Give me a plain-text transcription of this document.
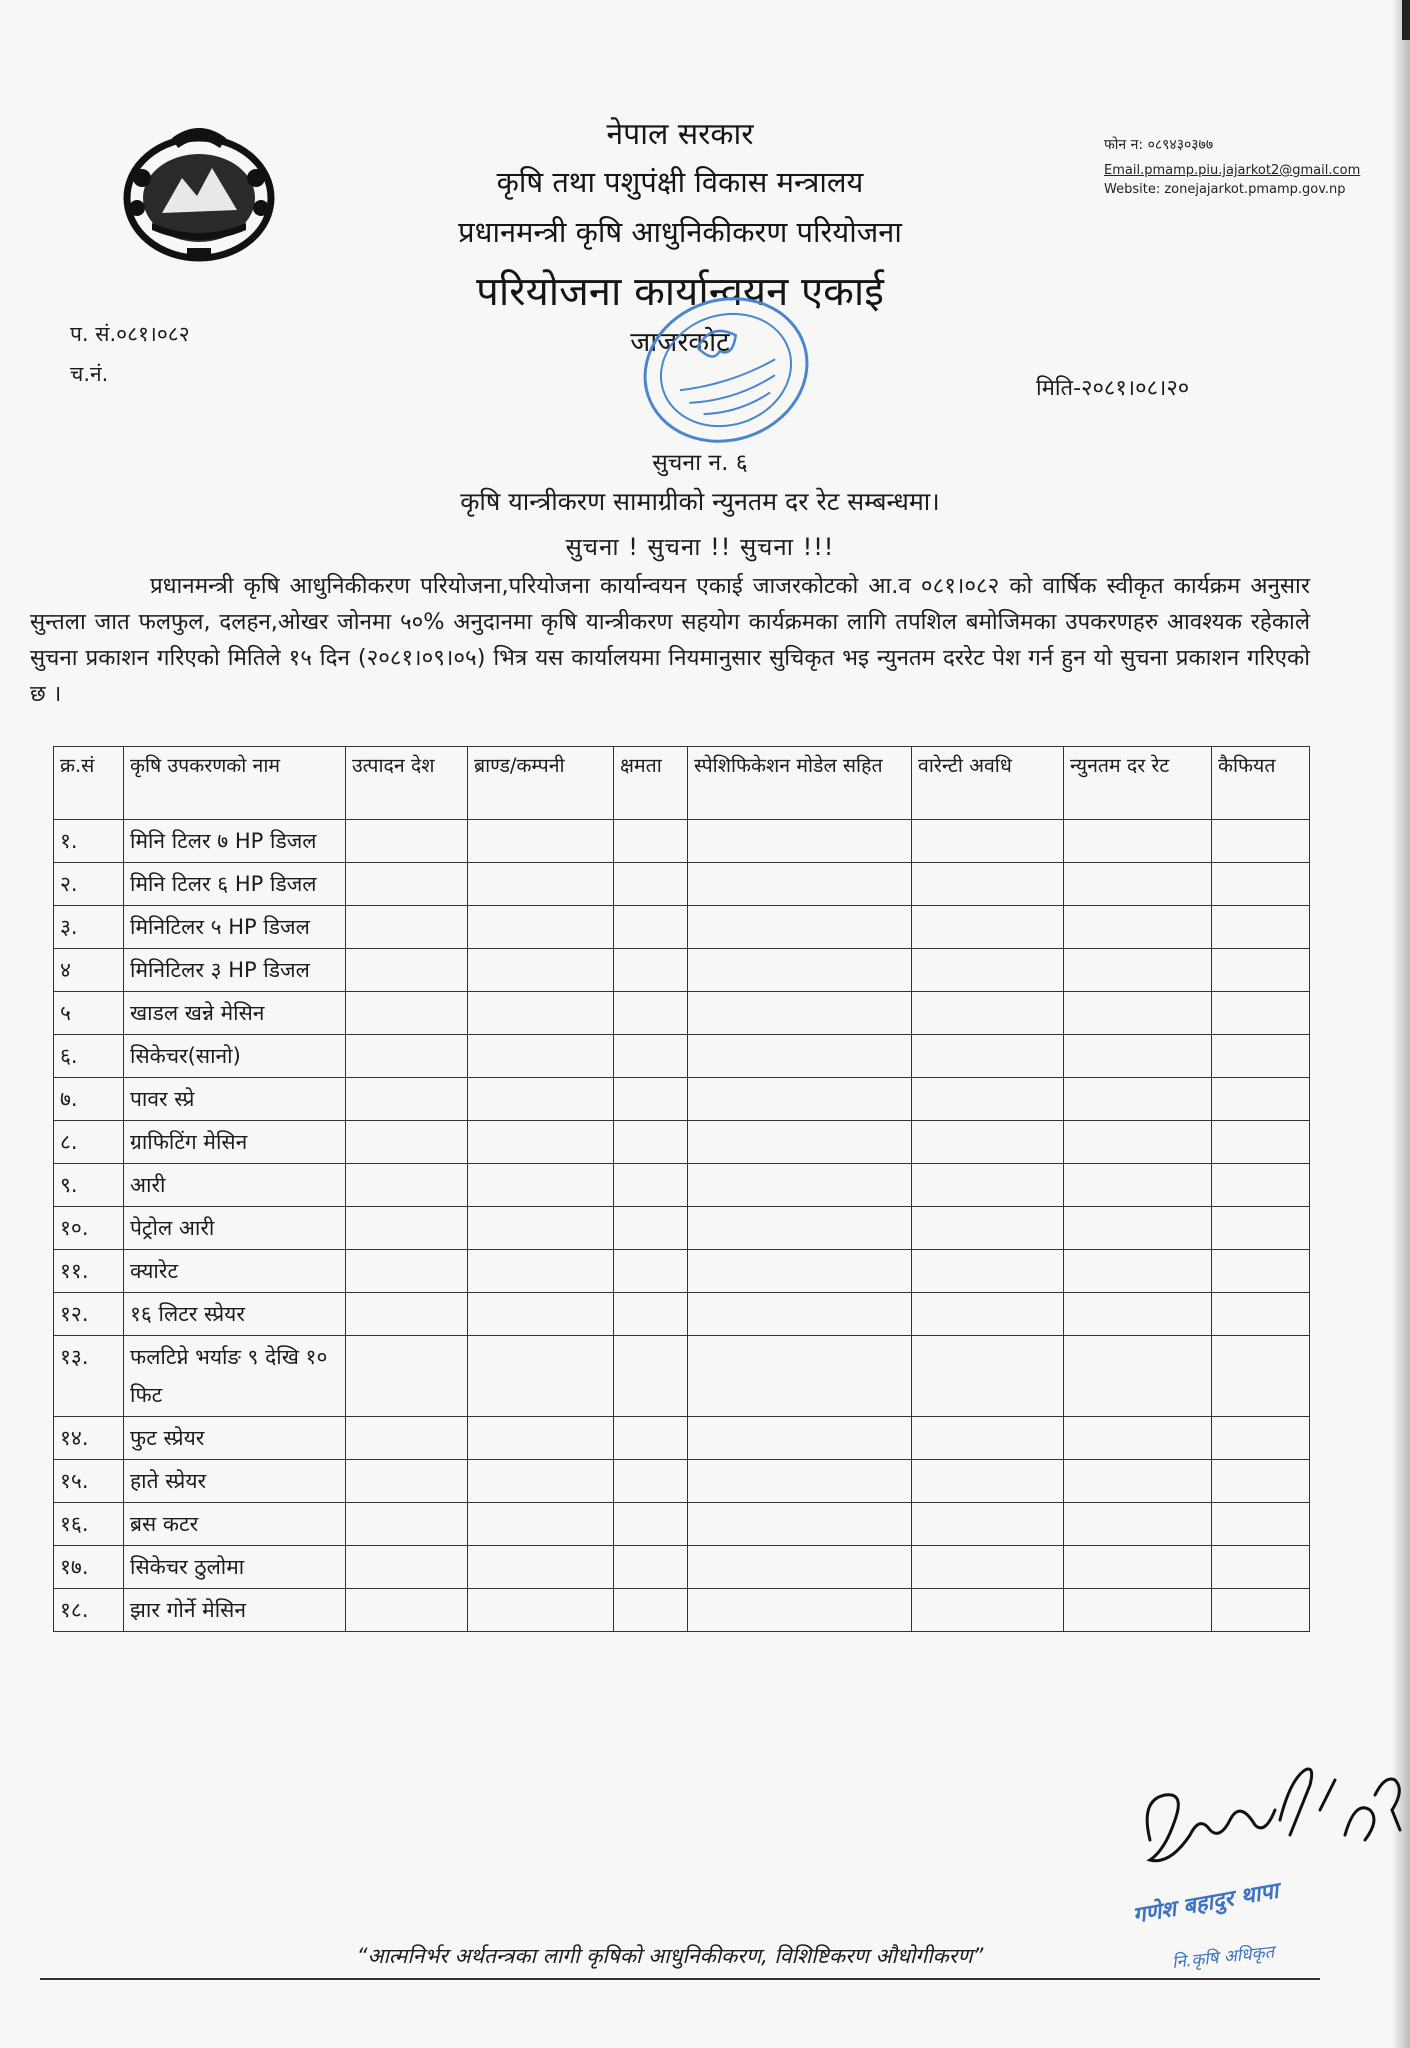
नेपाल सरकार
कृषि तथा पशुपंक्षी विकास मन्त्रालय
प्रधानमन्त्री कृषि आधुनिकीकरण परियोजना
परियोजना कार्यान्वयन एकाई
जाजरकोट
फोन न: ०८९४३०३७७
Email.pmamp.piu.jajarkot2@gmail.com
Website: zonejajarkot.pmamp.gov.np
प. सं.०८१।०८२
च.नं.
मिति-२०८१।०८।२०
सुचना न. ६
कृषि यान्त्रीकरण सामाग्रीको न्युनतम दर रेट सम्बन्धमा।
सुचना ! सुचना !! सुचना !!!

प्रधानमन्त्री कृषि आधुनिकीकरण परियोजना,परियोजना कार्यान्वयन एकाई जाजरकोटको आ.व ०८१।०८२ को वार्षिक स्वीकृत कार्यक्रम अनुसार सुन्तला जात फलफुल, दलहन,ओखर जोनमा ५०% अनुदानमा कृषि यान्त्रीकरण सहयोग कार्यक्रमका लागि तपशिल बमोजिमका उपकरणहरु आवश्यक रहेकाले सुचना प्रकाशन गरिएको मितिले १५ दिन (२०८१।०९।०५) भित्र यस कार्यालयमा नियमानुसार सुचिकृत भइ न्युनतम दररेट पेश गर्न हुन यो सुचना प्रकाशन गरिएको छ ।

क्र.सं	कृषि उपकरणको नाम	उत्पादन देश	ब्राण्ड/कम्पनी	क्षमता	स्पेशिफिकेशन मोडेल सहित	वारेन्टी अवधि	न्युनतम दर रेट	कैफियत
१.	मिनि टिलर ७ HP डिजल							
२.	मिनि टिलर ६ HP डिजल							
३.	मिनिटिलर ५ HP डिजल							
४	मिनिटिलर ३ HP डिजल							
५	खाडल खन्ने मेसिन							
६.	सिकेचर(सानो)							
७.	पावर स्प्रे							
८.	ग्राफिटिंग मेसिन							
९.	आरी							
१०.	पेट्रोल आरी							
११.	क्यारेट							
१२.	१६ लिटर स्प्रेयर							
१३.	फलटिप्ने भर्याङ ९ देखि १० फिट							
१४.	फुट स्प्रेयर							
१५.	हाते स्प्रेयर							
१६.	ब्रस कटर							
१७.	सिकेचर ठुलोमा							
१८.	झार गोर्ने मेसिन							
“आत्मनिर्भर अर्थतन्त्रका लागी कृषिको आधुनिकीकरण, विशिष्टिकरण औधोगीकरण”
गणेश बहादुर थापा
नि.कृषि अधिकृत
